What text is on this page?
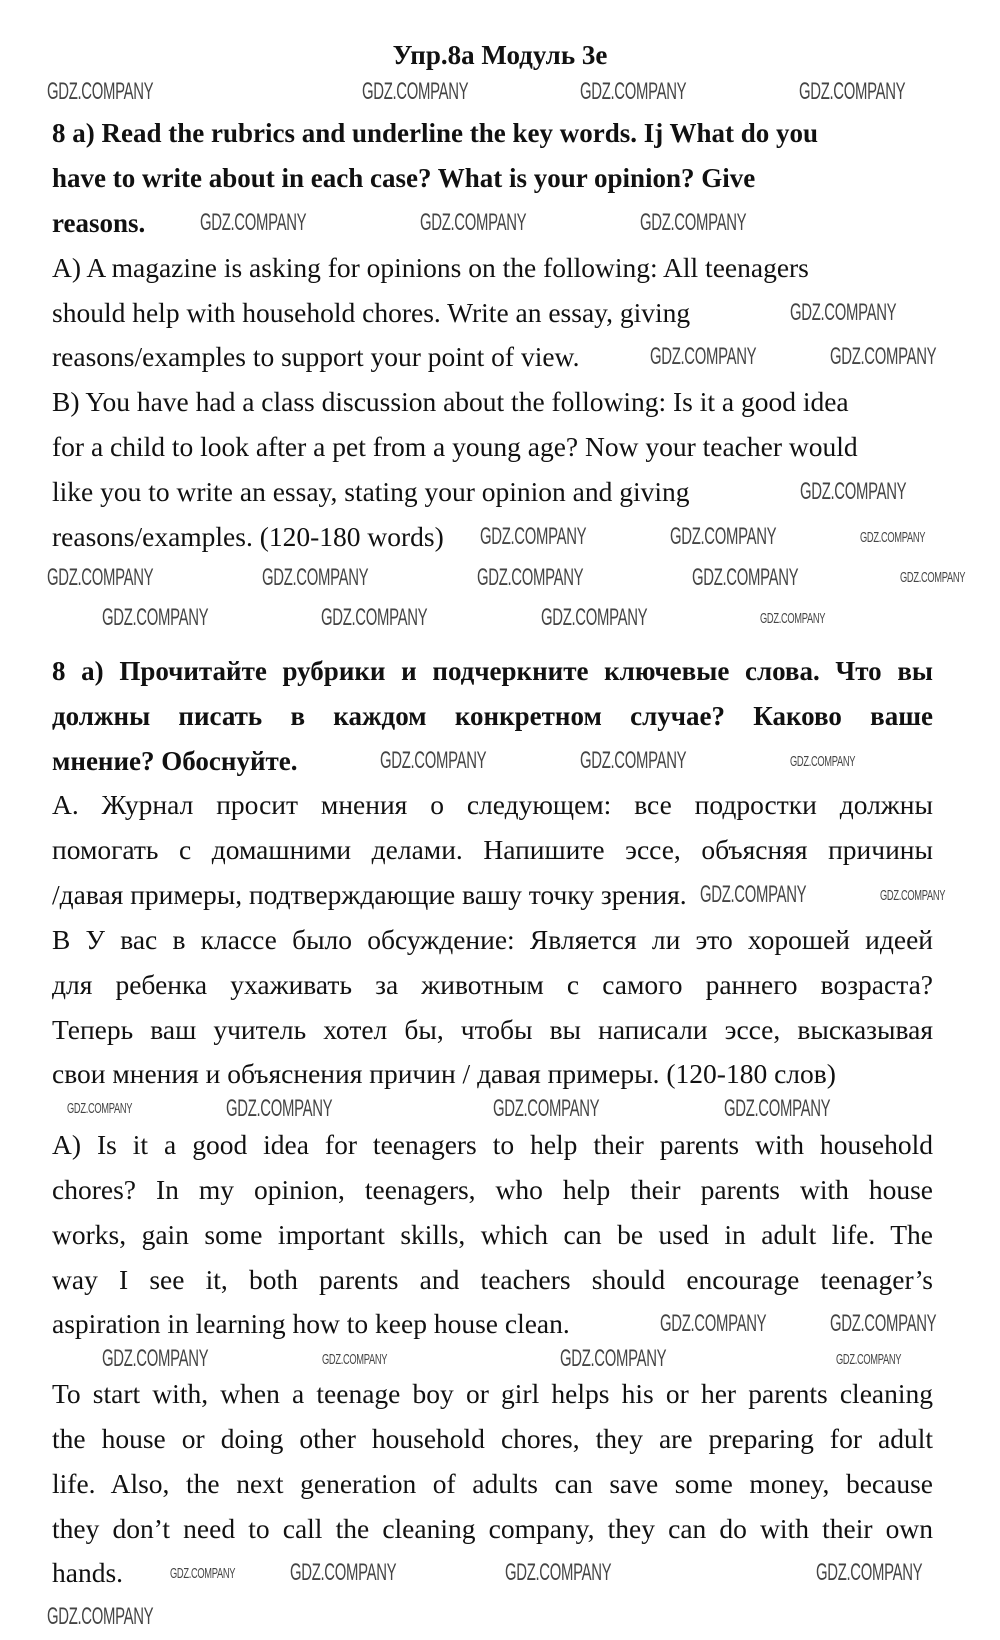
Упр.8а Модуль 3e
8 a) Read the rubrics and underline the key words. Ij What do you
have to write about in each case? What is your opinion? Give
reasons.
A) A magazine is asking for opinions on the following: All teenagers
should help with household chores. Write an essay, giving
reasons/examples to support your point of view.
B) You have had a class discussion about the following: Is it a good idea
for a child to look after a pet from a young age? Now your teacher would
like you to write an essay, stating your opinion and giving
reasons/examples. (120-180 words)
8 а) Прочитайте рубрики и подчеркните ключевые слова. Что вы
должны писать в каждом конкретном случае? Каково ваше
мнение? Обоснуйте.
А. Журнал просит мнения о следующем: все подростки должны
помогать с домашними делами. Напишите эссе, объясняя причины
/давая примеры, подтверждающие вашу точку зрения.
В У вас в классе было обсуждение: Является ли это хорошей идеей
для ребенка ухаживать за животным с самого раннего возраста?
Теперь ваш учитель хотел бы, чтобы вы написали эссе, высказывая
свои мнения и объяснения причин / давая примеры. (120-180 слов)
A) Is it a good idea for teenagers to help their parents with household
chores? In my opinion, teenagers, who help their parents with house
works, gain some important skills, which can be used in adult life. The
way I see it, both parents and teachers should encourage teenager’s
aspiration in learning how to keep house clean.
To start with, when a teenage boy or girl helps his or her parents cleaning
the house or doing other household chores, they are preparing for adult
life. Also, the next generation of adults can save some money, because
they don’t need to call the cleaning company, they can do with their own
hands.
GDZ.COMPANY	GDZ.COMPANY	GDZ.COMPANY	GDZ.COMPANY
GDZ.COMPANY	GDZ.COMPANY	GDZ.COMPANY
GDZ.COMPANY
GDZ.COMPANY	GDZ.COMPANY
GDZ.COMPANY
GDZ.COMPANY	GDZ.COMPANY	GDZ.COMPANY
GDZ.COMPANY	GDZ.COMPANY	GDZ.COMPANY	GDZ.COMPANY	GDZ.COMPANY
GDZ.COMPANY	GDZ.COMPANY	GDZ.COMPANY	GDZ.COMPANY
GDZ.COMPANY	GDZ.COMPANY	GDZ.COMPANY
GDZ.COMPANY	GDZ.COMPANY
GDZ.COMPANY	GDZ.COMPANY	GDZ.COMPANY	GDZ.COMPANY
GDZ.COMPANY	GDZ.COMPANY
GDZ.COMPANY	GDZ.COMPANY	GDZ.COMPANY	GDZ.COMPANY
GDZ.COMPANY GDZ.COMPANY	GDZ.COMPANY	GDZ.COMPANY
GDZ.COMPANY
